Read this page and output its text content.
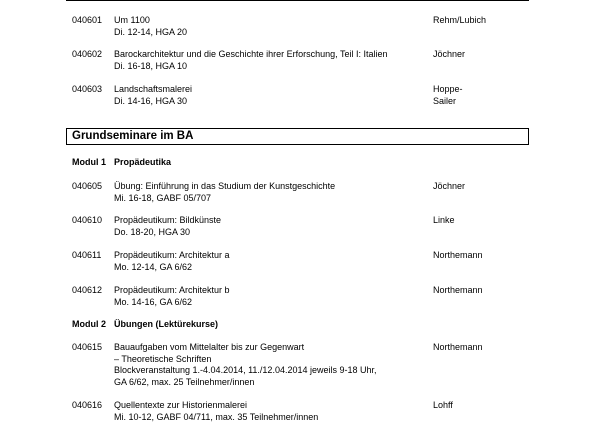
040601 Um 1100
Di. 12-14, HGA 20
Rehm/Lubich
040602 Barockarchitektur und die Geschichte ihrer Erforschung, Teil I: Italien
Di. 16-18, HGA 10
Jöchner
040603 Landschaftsmalerei
Di. 14-16, HGA 30
Hoppe-Sailer
Grundseminare im BA
Modul 1 Propädeutika
040605 Übung: Einführung in das Studium der Kunstgeschichte
Mi. 16-18, GABF 05/707
Jöchner
040610 Propädeutikum: Bildkünste
Do. 18-20, HGA 30
Linke
040611 Propädeutikum: Architektur a
Mo. 12-14, GA 6/62
Northemann
040612 Propädeutikum: Architektur b
Mo. 14-16, GA 6/62
Northemann
Modul 2 Übungen (Lektürekurse)
040615 Bauaufgaben vom Mittelalter bis zur Gegenwart
– Theoretische Schriften
Blockveranstaltung 1.-4.04.2014, 11./12.04.2014 jeweils 9-18 Uhr,
GA 6/62, max. 25 Teilnehmer/innen
Northemann
040616 Quellentexte zur Historienmalerei
Mi. 10-12, GABF 04/711, max. 35 Teilnehmer/innen
Lohff
